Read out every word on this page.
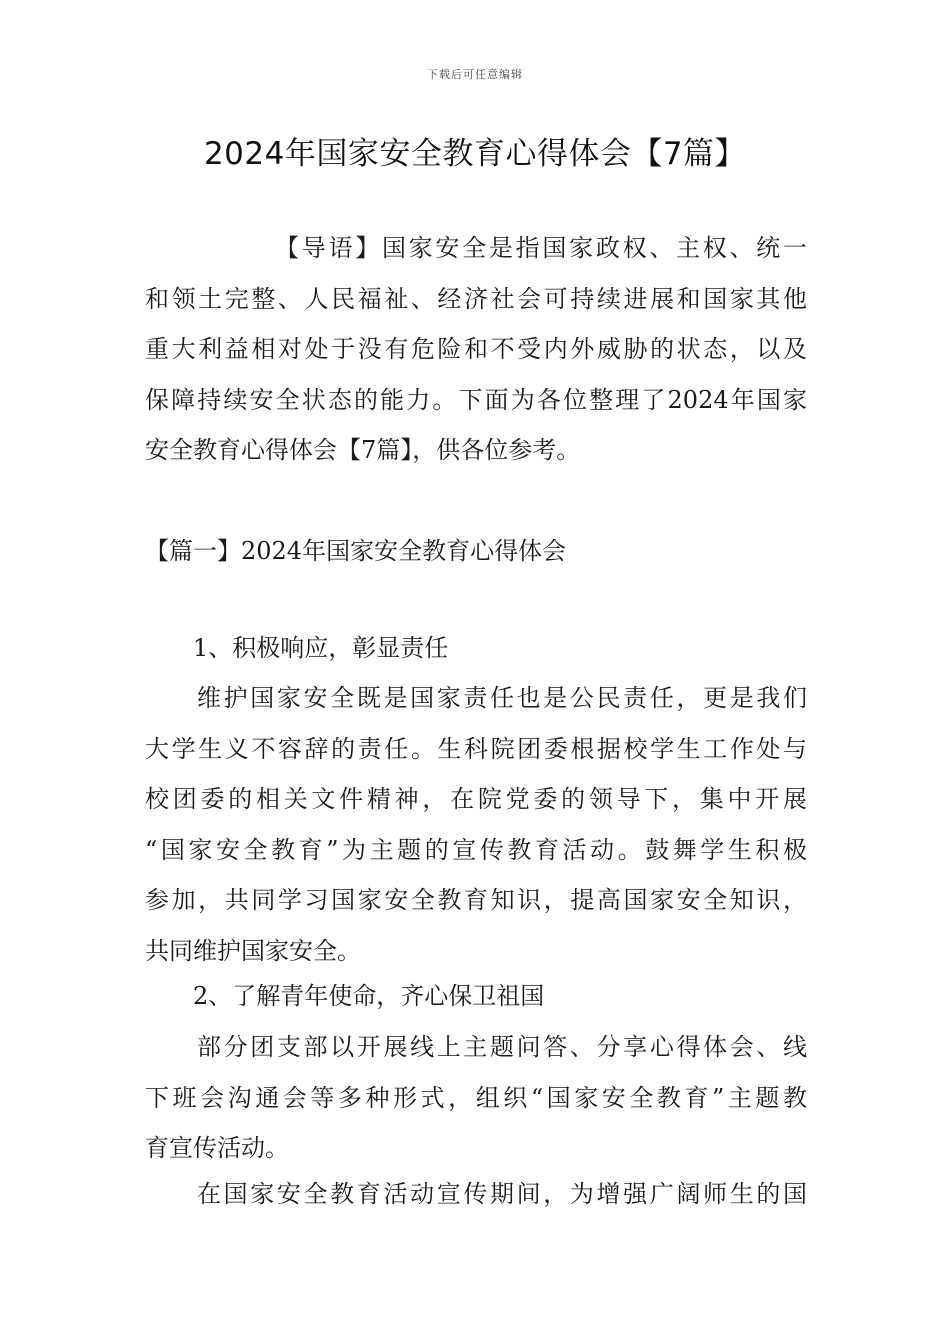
下载后可任意编辑
2024年国家安全教育心得体会【7篇】
【导语】国家安全是指国家政权、主权、统一
和领土完整、人民福祉、经济社会可持续进展和国家其他
重大利益相对处于没有危险和不受内外威胁的状态，以及
保障持续安全状态的能力。下面为各位整理了2024年国家
安全教育心得体会【7篇】，供各位参考。
【篇一】2024年国家安全教育心得体会
1、积极响应，彰显责任
维护国家安全既是国家责任也是公民责任，更是我们
大学生义不容辞的责任。生科院团委根据校学生工作处与
校团委的相关文件精神，在院党委的领导下，集中开展
“国家安全教育”为主题的宣传教育活动。鼓舞学生积极
参加，共同学习国家安全教育知识，提高国家安全知识，
共同维护国家安全。
2、了解青年使命，齐心保卫祖国
部分团支部以开展线上主题问答、分享心得体会、线
下班会沟通会等多种形式，组织“国家安全教育”主题教
育宣传活动。
在国家安全教育活动宣传期间，为增强广阔师生的国
